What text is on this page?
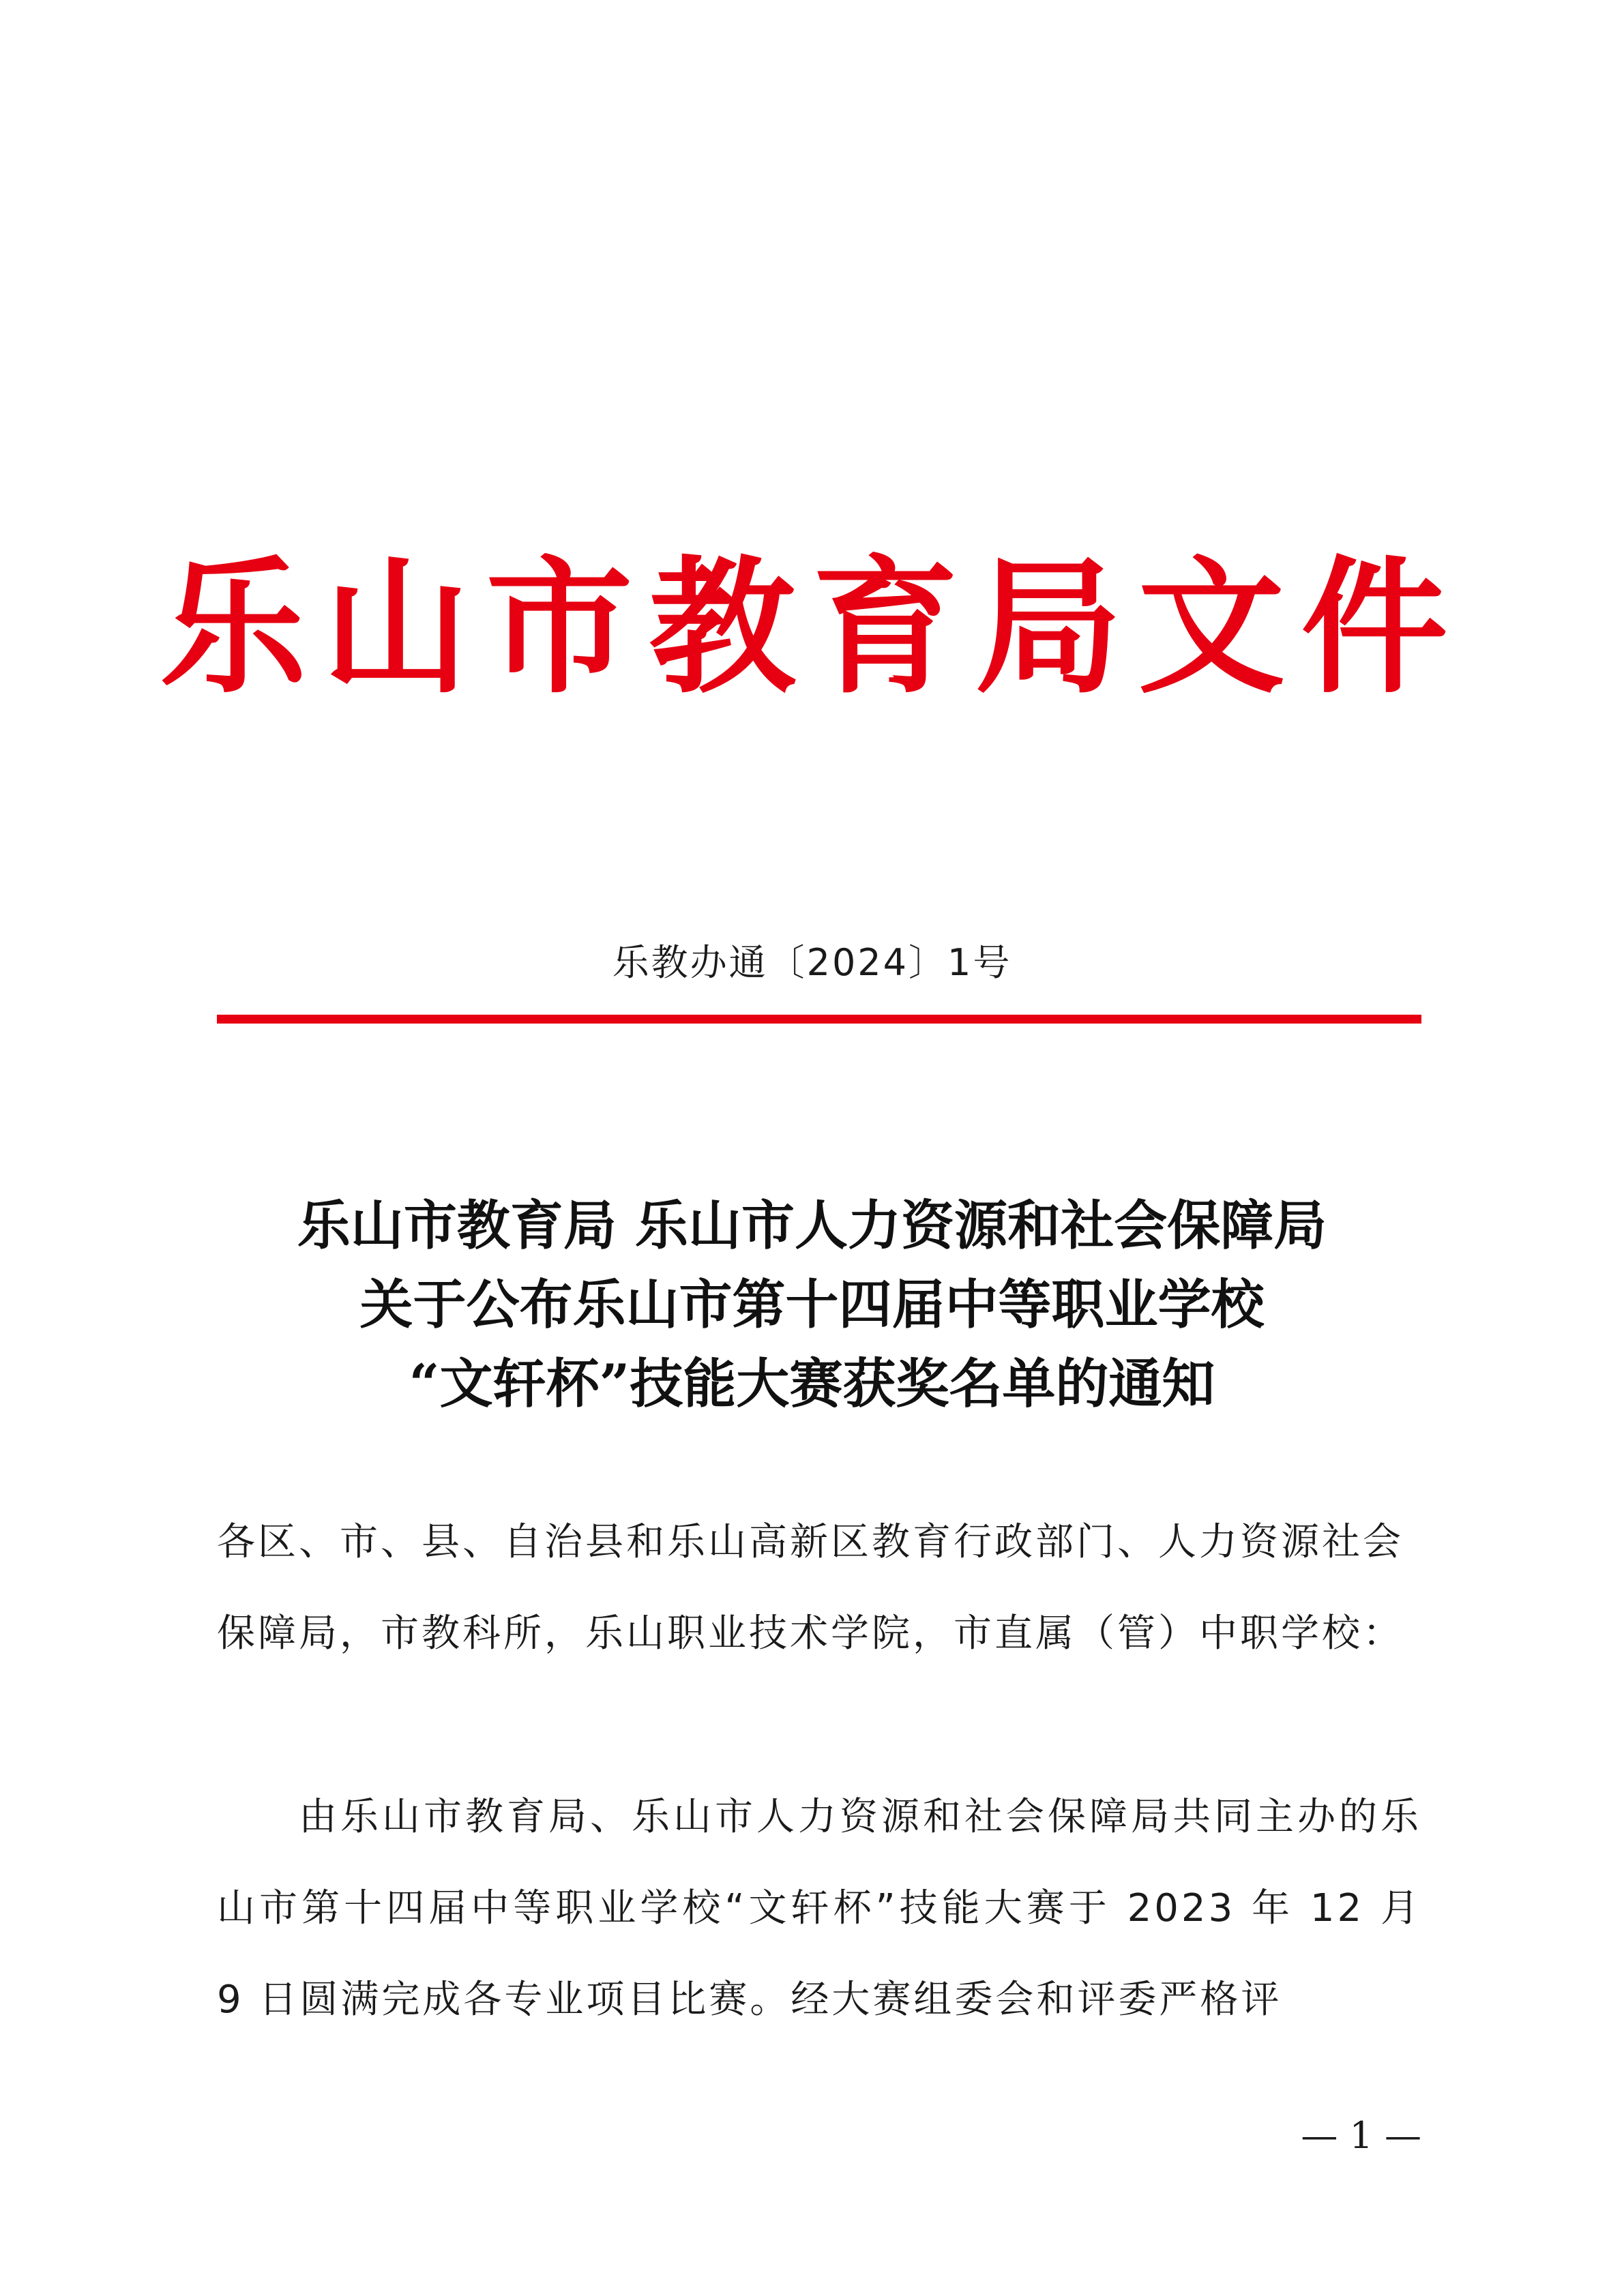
乐山市教育局文件
乐教办通〔2024〕1号
乐山市教育局 乐山市人力资源和社会保障局
关于公布乐山市第十四届中等职业学校
“文轩杯”技能大赛获奖名单的通知
各区、市、县、自治县和乐山高新区教育行政部门、人力资源社会保障局，市教科所，乐山职业技术学院，市直属（管）中职学校：
由乐山市教育局、乐山市人力资源和社会保障局共同主办的乐山市第十四届中等职业学校“文轩杯”技能大赛于 2023 年 12 月 9 日圆满完成各专业项目比赛。经大赛组委会和评委严格评
— 1 —
